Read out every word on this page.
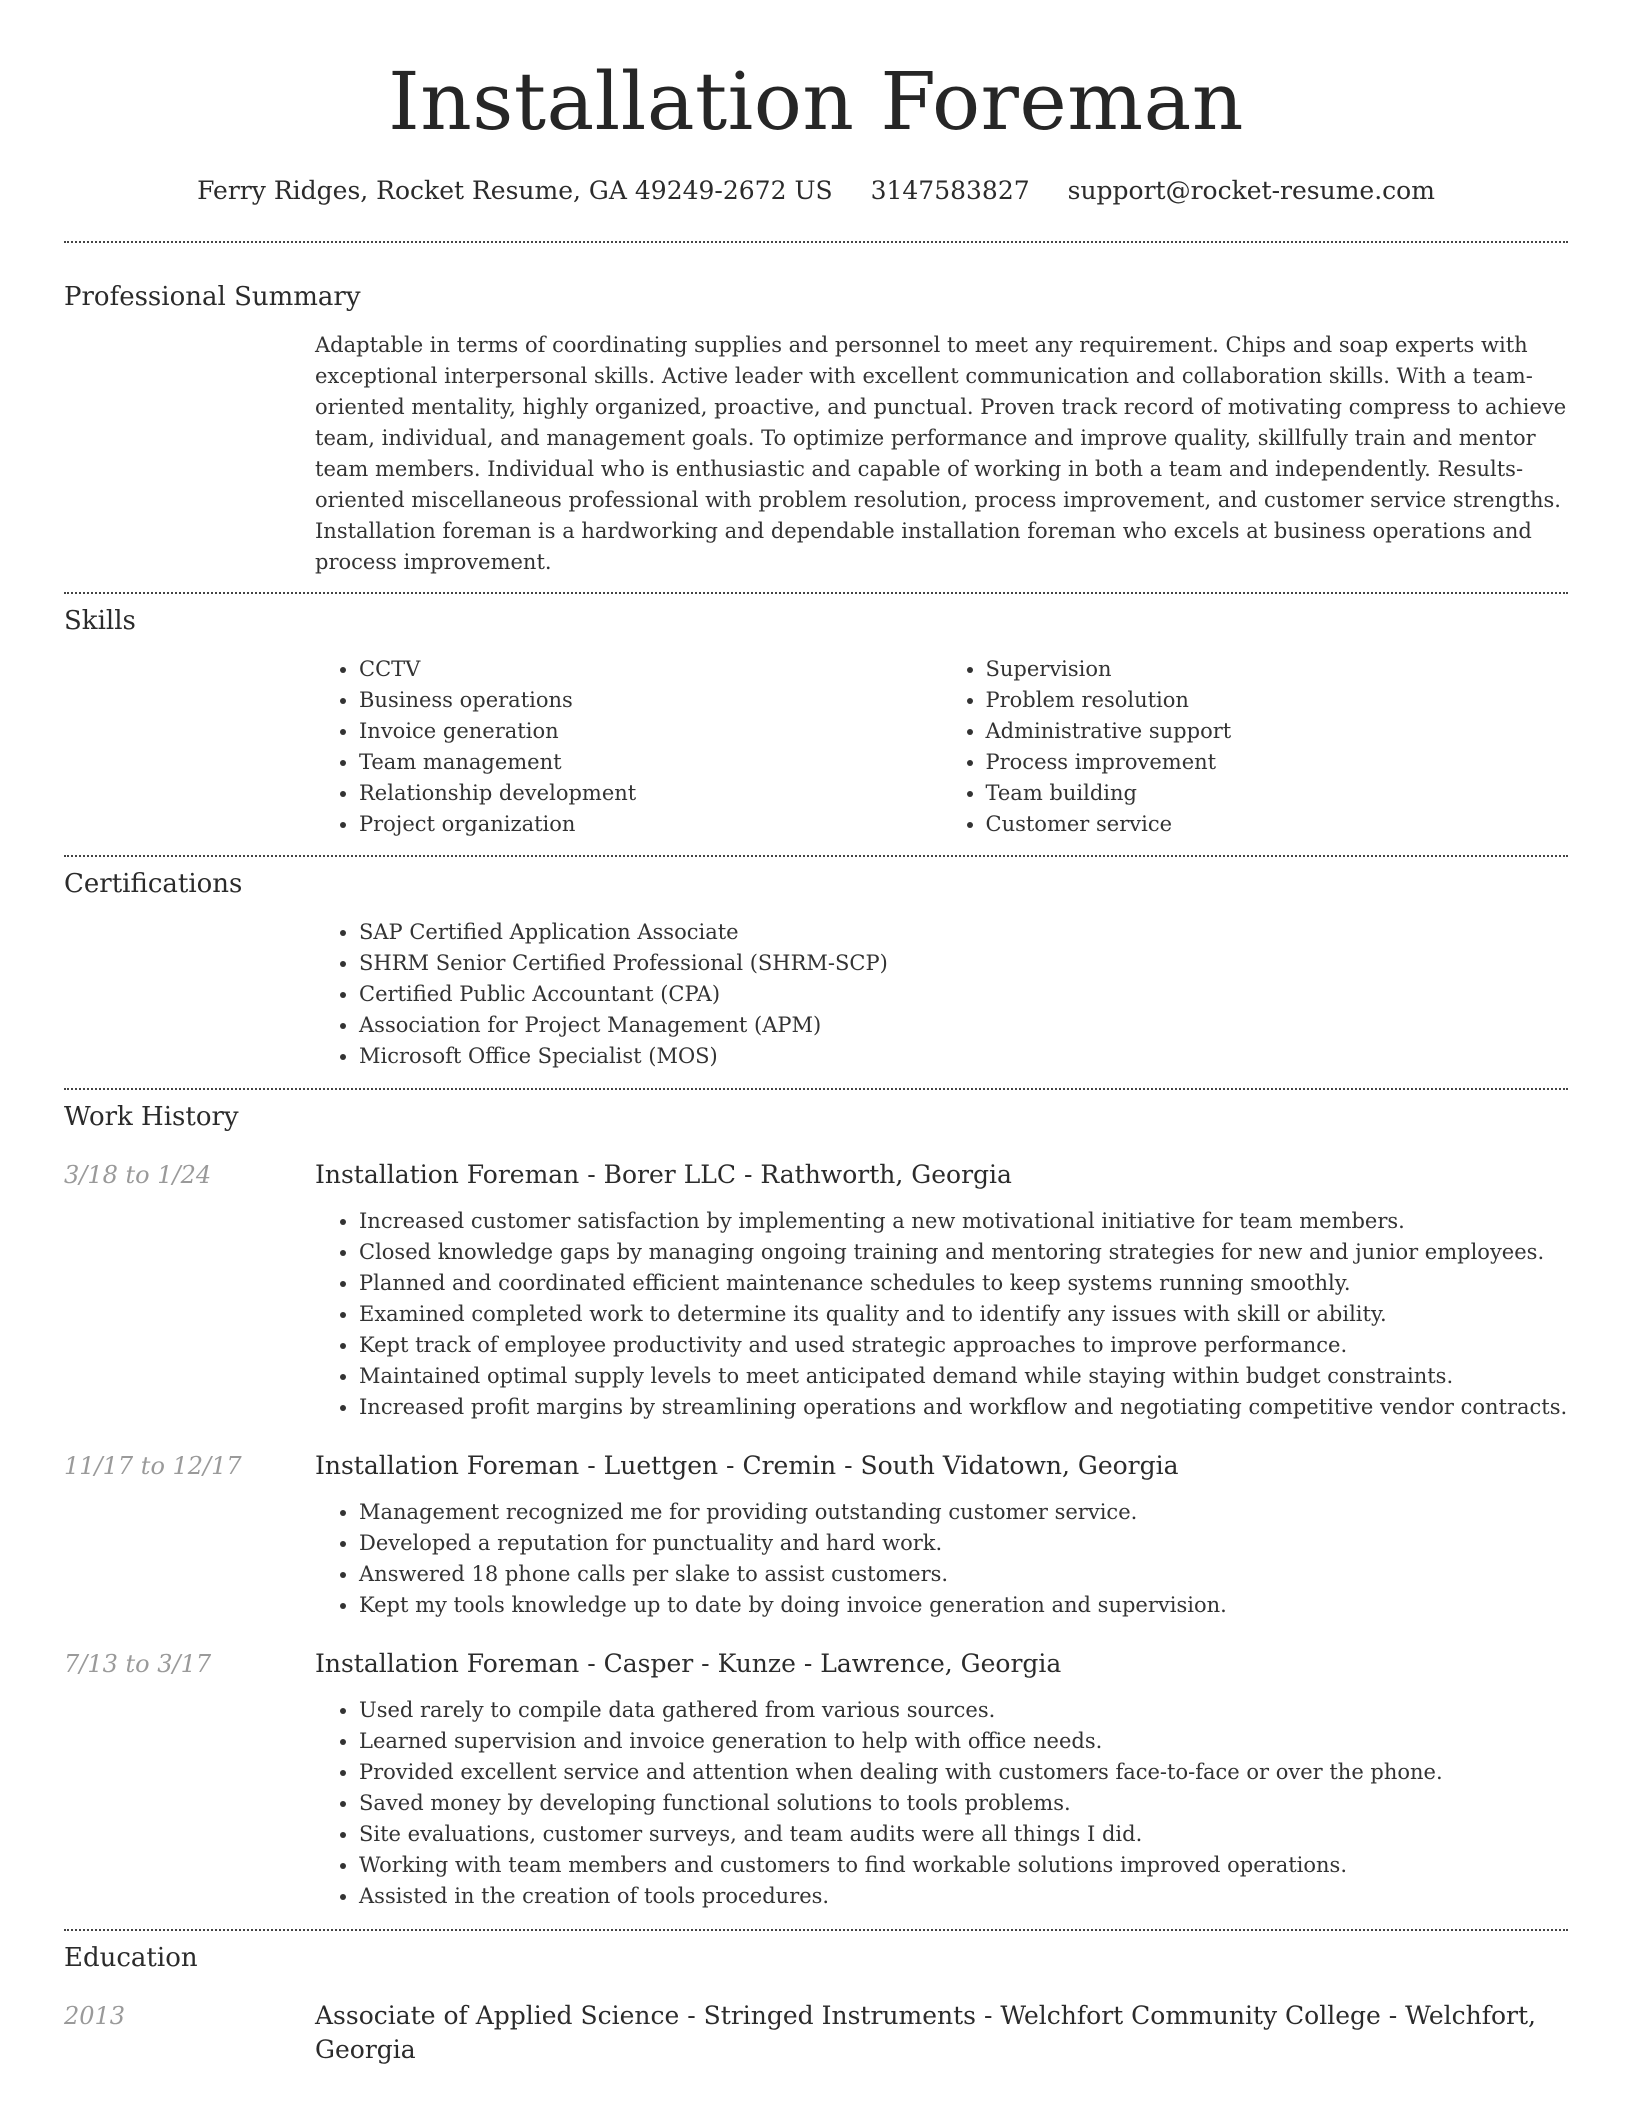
Installation Foreman
Ferry Ridges, Rocket Resume, GA 49249-2672 US 3147583827 support@rocket-resume.com
Professional Summary
Adaptable in terms of coordinating supplies and personnel to meet any requirement. Chips and soap experts with exceptional interpersonal skills. Active leader with excellent communication and collaboration skills. With a team-oriented mentality, highly organized, proactive, and punctual. Proven track record of motivating compress to achieve team, individual, and management goals. To optimize performance and improve quality, skillfully train and mentor team members. Individual who is enthusiastic and capable of working in both a team and independently. Results-oriented miscellaneous professional with problem resolution, process improvement, and customer service strengths. Installation foreman is a hardworking and dependable installation foreman who excels at business operations and process improvement.
Skills
• CCTV
• Business operations
• Invoice generation
• Team management
• Relationship development
• Project organization
• Supervision
• Problem resolution
• Administrative support
• Process improvement
• Team building
• Customer service
Certifications
• SAP Certified Application Associate
• SHRM Senior Certified Professional (SHRM-SCP)
• Certified Public Accountant (CPA)
• Association for Project Management (APM)
• Microsoft Office Specialist (MOS)
Work History
3/18 to 1/24	Installation Foreman - Borer LLC - Rathworth, Georgia
• Increased customer satisfaction by implementing a new motivational initiative for team members.
• Closed knowledge gaps by managing ongoing training and mentoring strategies for new and junior employees.
• Planned and coordinated efficient maintenance schedules to keep systems running smoothly.
• Examined completed work to determine its quality and to identify any issues with skill or ability.
• Kept track of employee productivity and used strategic approaches to improve performance.
• Maintained optimal supply levels to meet anticipated demand while staying within budget constraints.
• Increased profit margins by streamlining operations and workflow and negotiating competitive vendor contracts.
11/17 to 12/17	Installation Foreman - Luettgen - Cremin - South Vidatown, Georgia
• Management recognized me for providing outstanding customer service.
• Developed a reputation for punctuality and hard work.
• Answered 18 phone calls per slake to assist customers.
• Kept my tools knowledge up to date by doing invoice generation and supervision.
7/13 to 3/17	Installation Foreman - Casper - Kunze - Lawrence, Georgia
• Used rarely to compile data gathered from various sources.
• Learned supervision and invoice generation to help with office needs.
• Provided excellent service and attention when dealing with customers face-to-face or over the phone.
• Saved money by developing functional solutions to tools problems.
• Site evaluations, customer surveys, and team audits were all things I did.
• Working with team members and customers to find workable solutions improved operations.
• Assisted in the creation of tools procedures.
Education
2013	Associate of Applied Science - Stringed Instruments - Welchfort Community College - Welchfort, Georgia
